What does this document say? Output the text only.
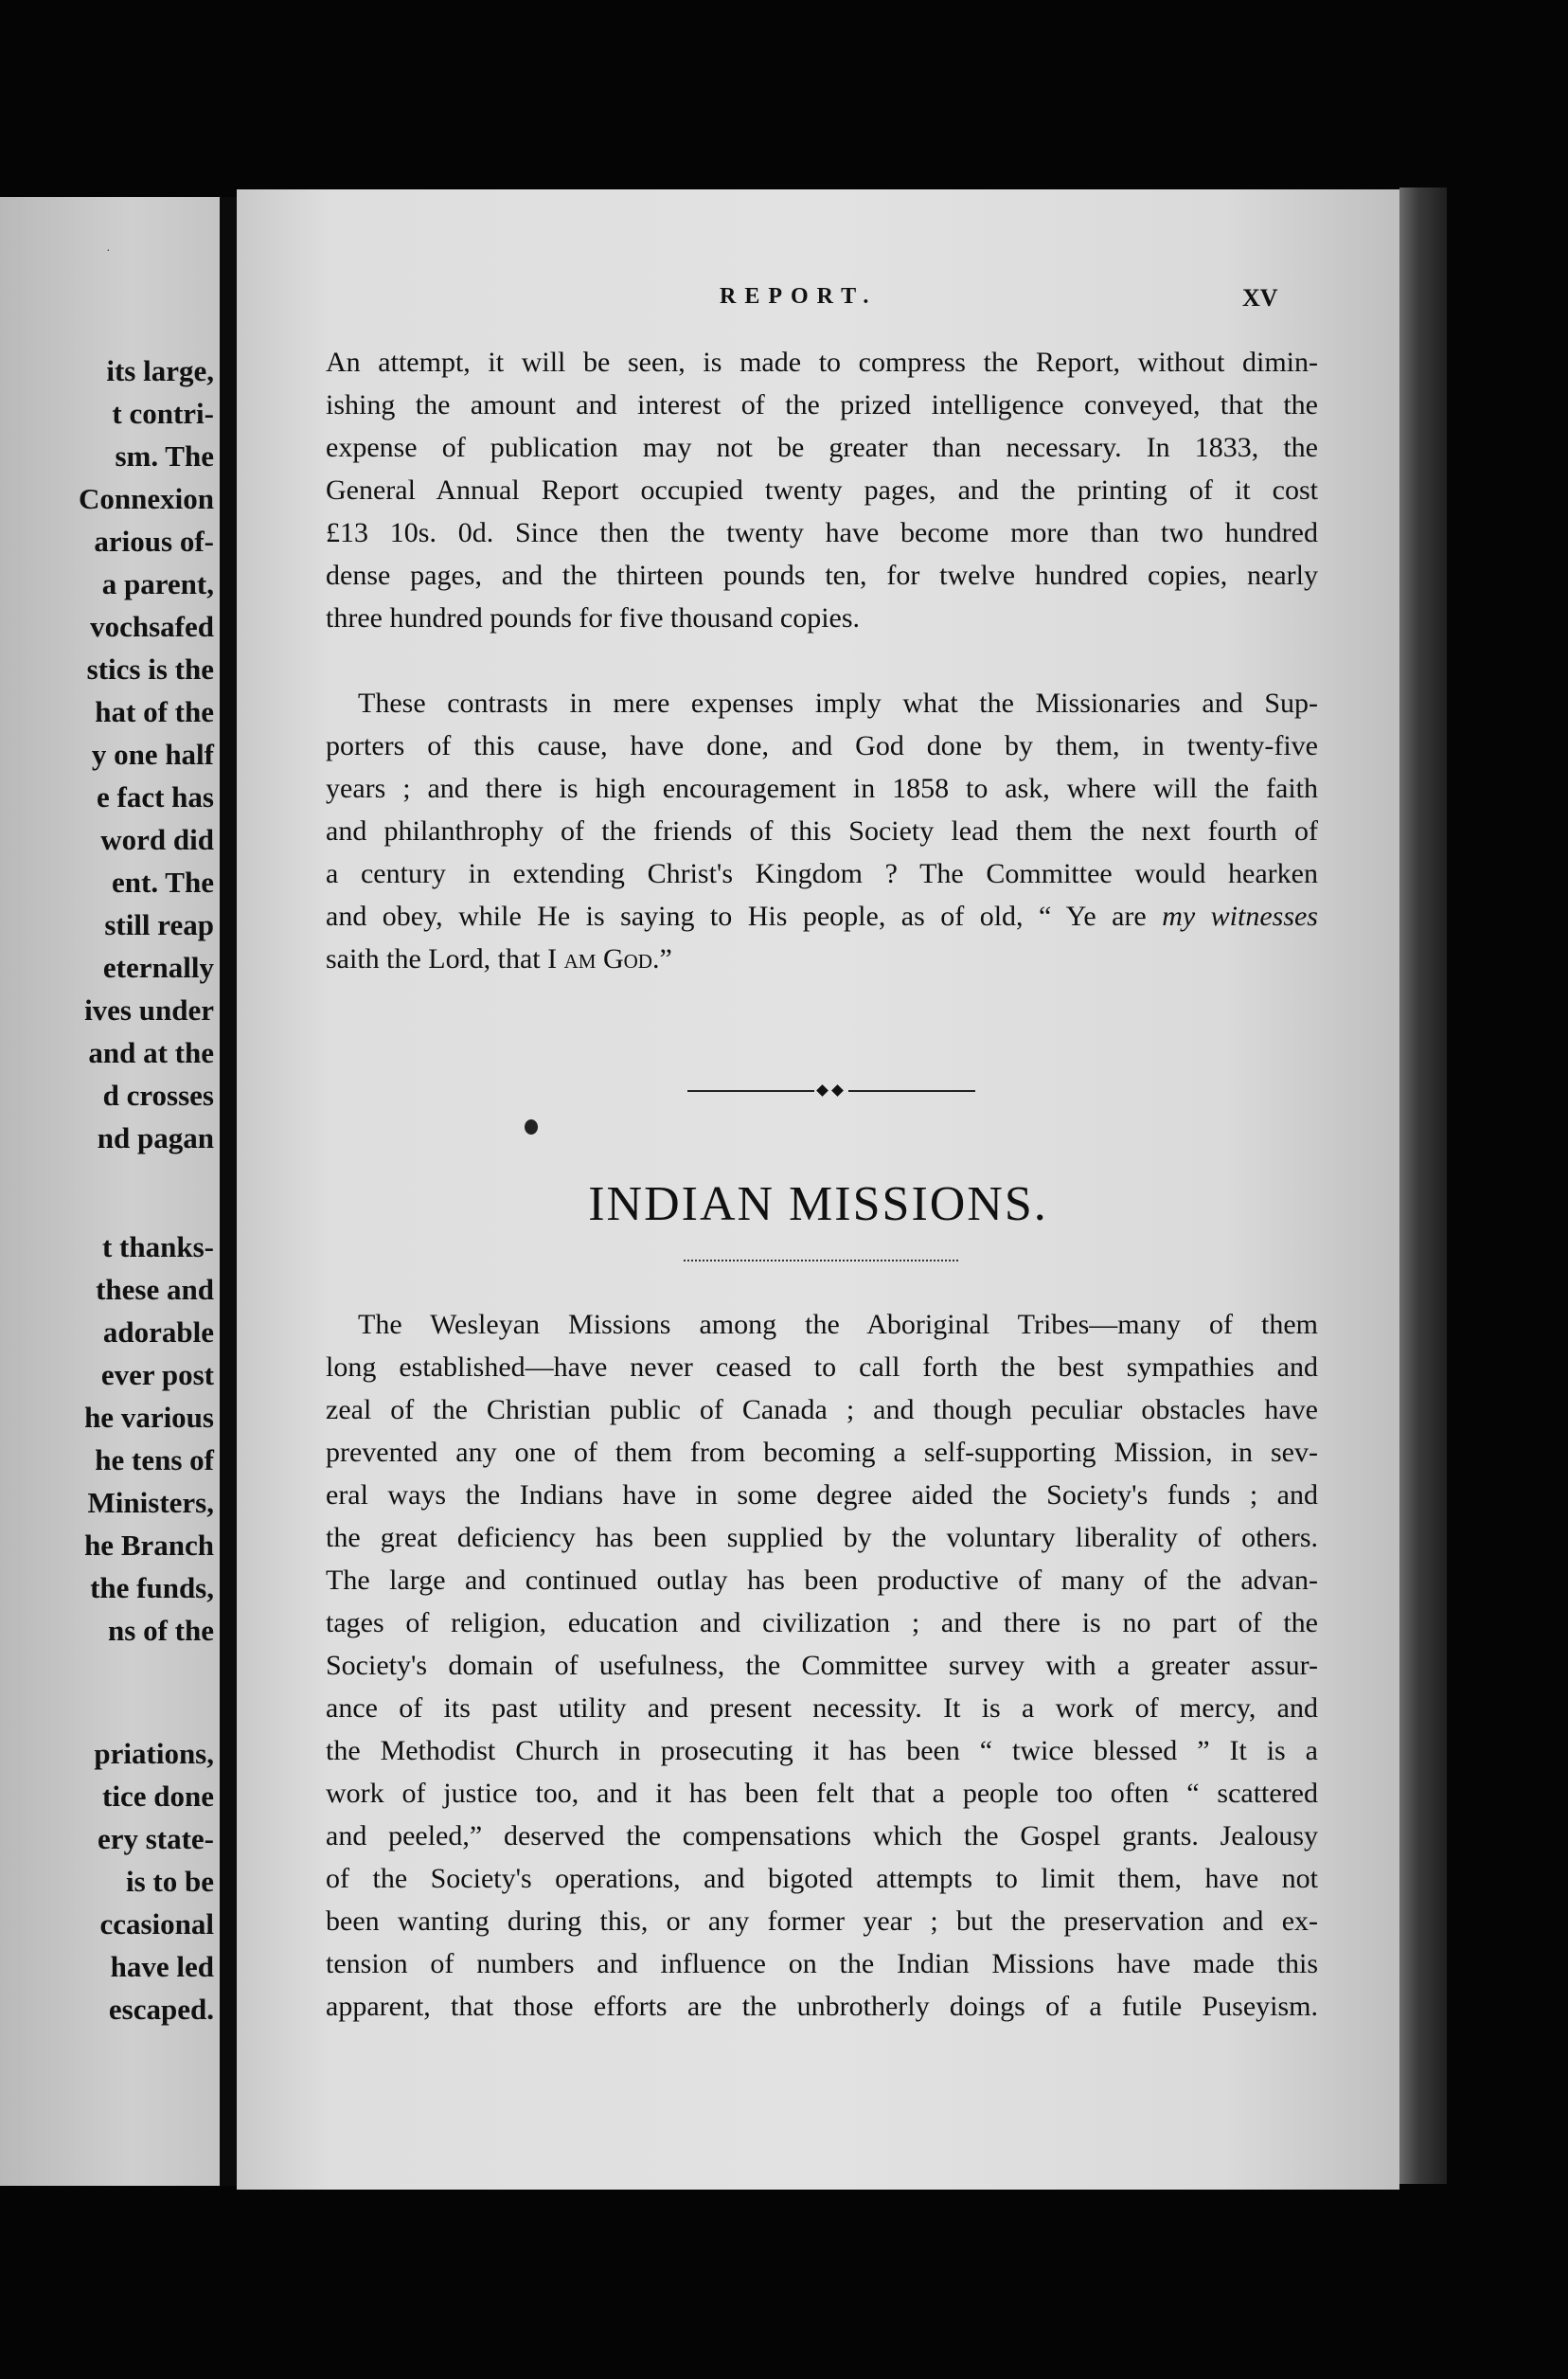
·
its large,
t contri-
sm. The
Connexion
arious of-
a parent,
vochsafed
stics is the
hat of the
y one half
e fact has
word did
ent. The
still reap
eternally
ives under
and at the
d crosses
nd pagan
t thanks-
these and
adorable
ever post
he various
he tens of
Ministers,
he Branch
the funds,
ns of the
priations,
tice done
ery state-
is to be
ccasional
have led
escaped.
REPORT.	XV
An attempt, it will be seen, is made to compress the Report, without dimin-
ishing the amount and interest of the prized intelligence conveyed, that the
expense of publication may not be greater than necessary. In 1833, the
General Annual Report occupied twenty pages, and the printing of it cost
£13 10s. 0d. Since then the twenty have become more than two hundred
dense pages, and the thirteen pounds ten, for twelve hundred copies, nearly
three hundred pounds for five thousand copies.
These contrasts in mere expenses imply what the Missionaries and Sup-
porters of this cause, have done, and God done by them, in twenty-five
years ; and there is high encouragement in 1858 to ask, where will the faith
and philanthrophy of the friends of this Society lead them the next fourth of
a century in extending Christ's Kingdom ? The Committee would hearken
and obey, while He is saying to His people, as of old, “ Ye are my witnesses
saith the Lord, that I am God.”
INDIAN MISSIONS.
The Wesleyan Missions among the Aboriginal Tribes—many of them
long established—have never ceased to call forth the best sympathies and
zeal of the Christian public of Canada ; and though peculiar obstacles have
prevented any one of them from becoming a self-supporting Mission, in sev-
eral ways the Indians have in some degree aided the Society's funds ; and
the great deficiency has been supplied by the voluntary liberality of others.
The large and continued outlay has been productive of many of the advan-
tages of religion, education and civilization ; and there is no part of the
Society's domain of usefulness, the Committee survey with a greater assur-
ance of its past utility and present necessity. It is a work of mercy, and
the Methodist Church in prosecuting it has been “ twice blessed ” It is a
work of justice too, and it has been felt that a people too often “ scattered
and peeled,” deserved the compensations which the Gospel grants. Jealousy
of the Society's operations, and bigoted attempts to limit them, have not
been wanting during this, or any former year ; but the preservation and ex-
tension of numbers and influence on the Indian Missions have made this
apparent, that those efforts are the unbrotherly doings of a futile Puseyism.
